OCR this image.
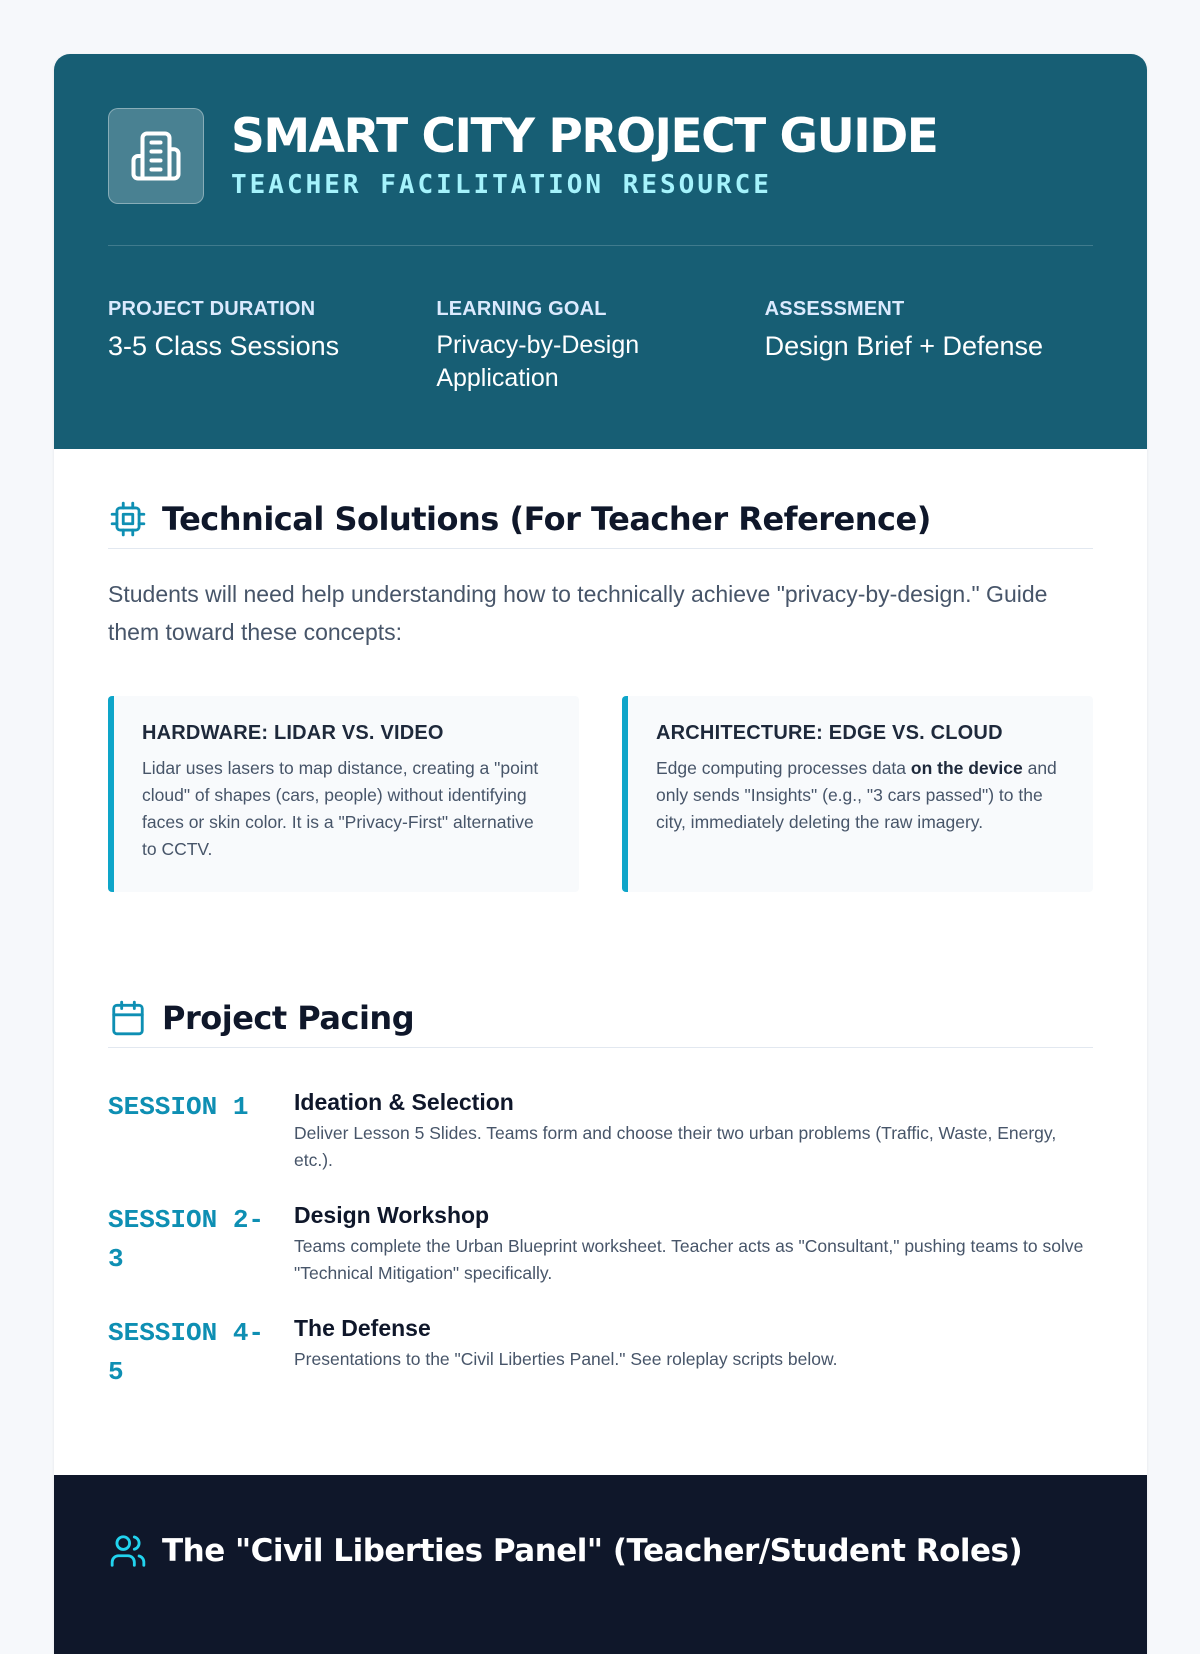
SMART CITY PROJECT GUIDE
TEACHER FACILITATION RESOURCE
PROJECT DURATION
3-5 Class Sessions
LEARNING GOAL
Privacy-by-Design Application
ASSESSMENT
Design Brief + Defense
Technical Solutions (For Teacher Reference)

Students will need help understanding how to technically achieve "privacy-by-design." Guide them toward these concepts:

HARDWARE: LIDAR VS. VIDEO
Lidar uses lasers to map distance, creating a "point cloud" of shapes (cars, people) without identifying faces or skin color. It is a "Privacy-First" alternative to CCTV.
ARCHITECTURE: EDGE VS. CLOUD
Edge computing processes data on the device and only sends "Insights" (e.g., "3 cars passed") to the city, immediately deleting the raw imagery.
Project Pacing
SESSION 1	Ideation & Selection
Deliver Lesson 5 Slides. Teams form and choose their two urban problems (Traffic, Waste, Energy, etc.).
SESSION 2-3
Design Workshop
Teams complete the Urban Blueprint worksheet. Teacher acts as "Consultant," pushing teams to solve "Technical Mitigation" specifically.
SESSION 4-5
The Defense
Presentations to the "Civil Liberties Panel." See roleplay scripts below.
The "Civil Liberties Panel" (Teacher/Student Roles)
